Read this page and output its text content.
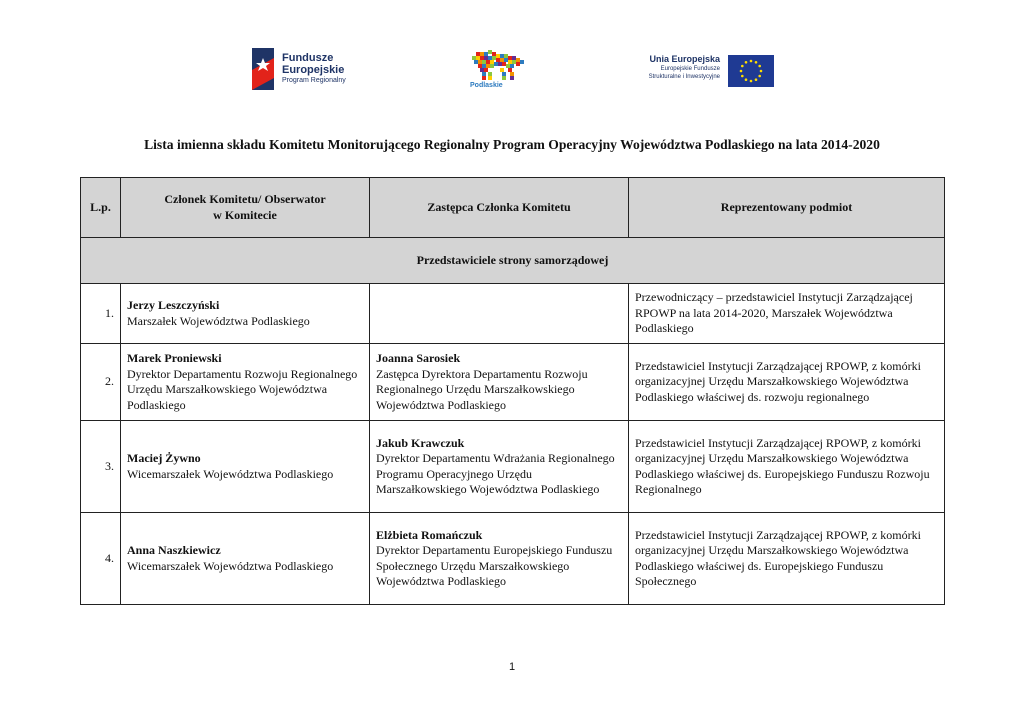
Fundusze
Europejskie
Program Regionalny
Podlaskie
Unia Europejska
Europejskie Fundusze
Strukturalne i Inwestycyjne
Lista imienna składu Komitetu Monitorującego Regionalny Program Operacyjny Województwa Podlaskiego na lata 2014-2020
L.p.	Członek Komitetu/ Obserwator
w Komitecie	Zastępca Członka Komitetu	Reprezentowany podmiot
Przedstawiciele strony samorządowej			
1.	Jerzy Leszczyński
Marszałek Województwa Podlaskiego		Przewodniczący – przedstawiciel Instytucji Zarządzającej RPOWP na lata 2014-2020, Marszałek Województwa Podlaskiego
2.	Marek Proniewski
Dyrektor Departamentu Rozwoju Regionalnego Urzędu Marszałkowskiego Województwa Podlaskiego	Joanna Sarosiek
Zastępca Dyrektora Departamentu Rozwoju Regionalnego Urzędu Marszałkowskiego Województwa Podlaskiego	Przedstawiciel Instytucji Zarządzającej RPOWP, z komórki organizacyjnej Urzędu Marszałkowskiego Województwa Podlaskiego właściwej ds. rozwoju regionalnego
3.	Maciej Żywno
Wicemarszałek Województwa Podlaskiego	Jakub Krawczuk
Dyrektor Departamentu Wdrażania Regionalnego Programu Operacyjnego Urzędu Marszałkowskiego Województwa Podlaskiego	Przedstawiciel Instytucji Zarządzającej RPOWP, z komórki organizacyjnej Urzędu Marszałkowskiego Województwa Podlaskiego właściwej ds. Europejskiego Funduszu Rozwoju Regionalnego
4.	Anna Naszkiewicz
Wicemarszałek Województwa Podlaskiego	Elżbieta Romańczuk
Dyrektor Departamentu Europejskiego Funduszu Społecznego Urzędu Marszałkowskiego Województwa Podlaskiego	Przedstawiciel Instytucji Zarządzającej RPOWP, z komórki organizacyjnej Urzędu Marszałkowskiego Województwa Podlaskiego właściwej ds. Europejskiego Funduszu Społecznego
1
